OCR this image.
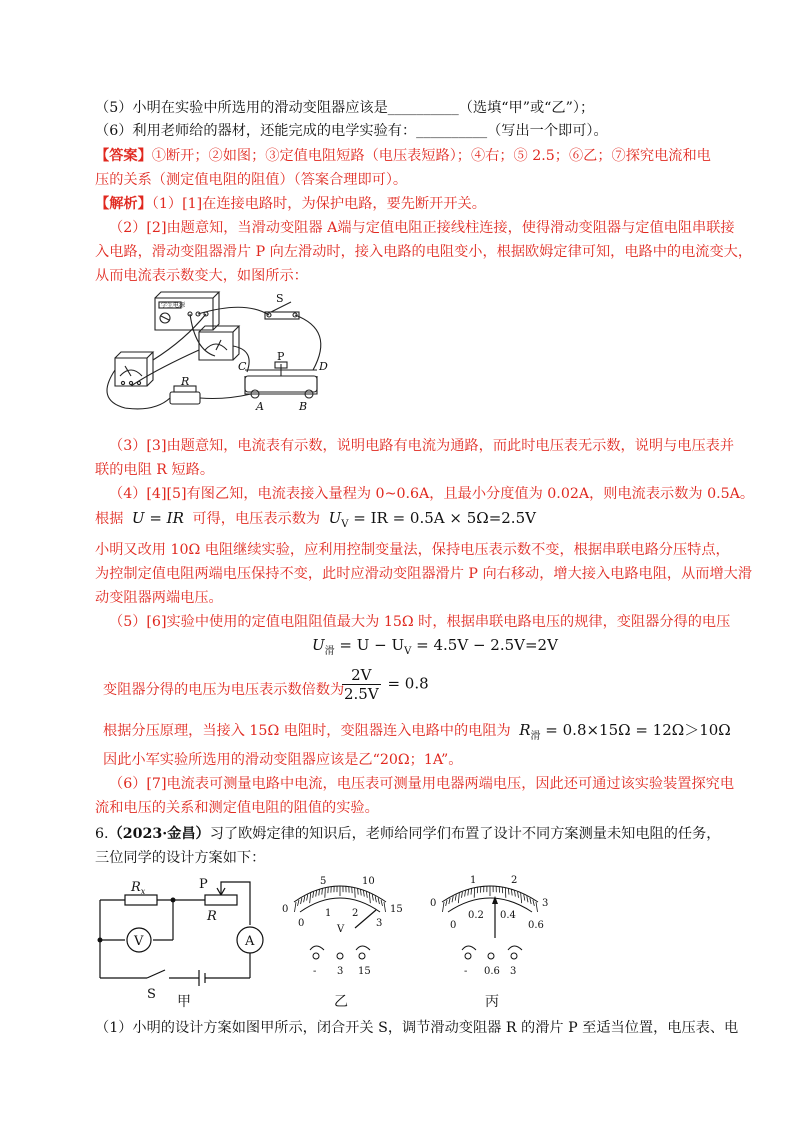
（5）小明在实验中所选用的滑动变阻器应该是__________（选填“甲”或“乙”）；
（6）利用老师给的器材，还能完成的电学实验有：__________（写出一个即可）。
【答案】①断开；②如图；③定值电阻短路（电压表短路）；④右；⑤ 2.5；⑥乙；⑦探究电流和电
压的关系（测定值电阻的阻值）（答案合理即可）。
【解析】（1）[1]在连接电路时，为保护电路，要先断开开关。
（2）[2]由题意知，当滑动变阻器 A端与定值电阻正接线柱连接，使得滑动变阻器与定值电阻串联接
入电路，滑动变阻器滑片 P 向左滑动时，接入电路的电阻变小，根据欧姆定律可知，电路中的电流变大，
从而电流表示数变大，如图所示：
学生电源
S
C
P
D
R
A	B
（3）[3]由题意知，电流表有示数，说明电路有电流为通路，而此时电压表无示数，说明与电压表并
联的电阻 R 短路。
（4）[4][5]有图乙知，电流表接入量程为 0~0.6A，且最小分度值为 0.02A，则电流表示数为 0.5A。
根据 U = IR 可得，电压表示数为 $U_V$ = IR = 0.5A × 5Ω=2.5V
小明又改用 10Ω 电阻继续实验，应利用控制变量法，保持电压表示数不变，根据串联电路分压特点，
为控制定值电阻两端电压保持不变，此时应滑动变阻器滑片 P 向右移动，增大接入电路电阻，从而增大滑
动变阻器两端电压。
（5）[6]实验中使用的定值电阻阻值最大为 15Ω 时，根据串联电路电压的规律，变阻器分得的电压
$U_滑 = U - U_V = 4.5V - 2.5V=2V$
变阻器分得的电压为电压表示数倍数为
$\frac{2V}{2.5V} = 0.8$
根据分压原理，当接入 15Ω 电阻时，变阻器连入电路中的电阻为 $R_滑 = 0.8\times 15\Omega = 12\Omega>10\Omega$
因此小军实验所选用的滑动变阻器应该是乙“20Ω；1A”。
（6）[7]电流表可测量电路中电流，电压表可测量用电器两端电压，因此还可通过该实验装置探究电
流和电压的关系和测定值电阻的阻值的实验。
6.（2023·金昌）习了欧姆定律的知识后，老师给同学们布置了设计不同方案测量未知电阻的任务，
三位同学的设计方案如下：
$R_x$	P
R
V	A
S 甲
0
5	10
15
0
1 2
3
V
- 3 15
乙
0
1	2
3
0
0.2 0.4
0.6
- 0.6 3
丙
（1）小明的设计方案如图甲所示，闭合开关 S，调节滑动变阻器 R 的滑片 P 至适当位置，电压表、电
